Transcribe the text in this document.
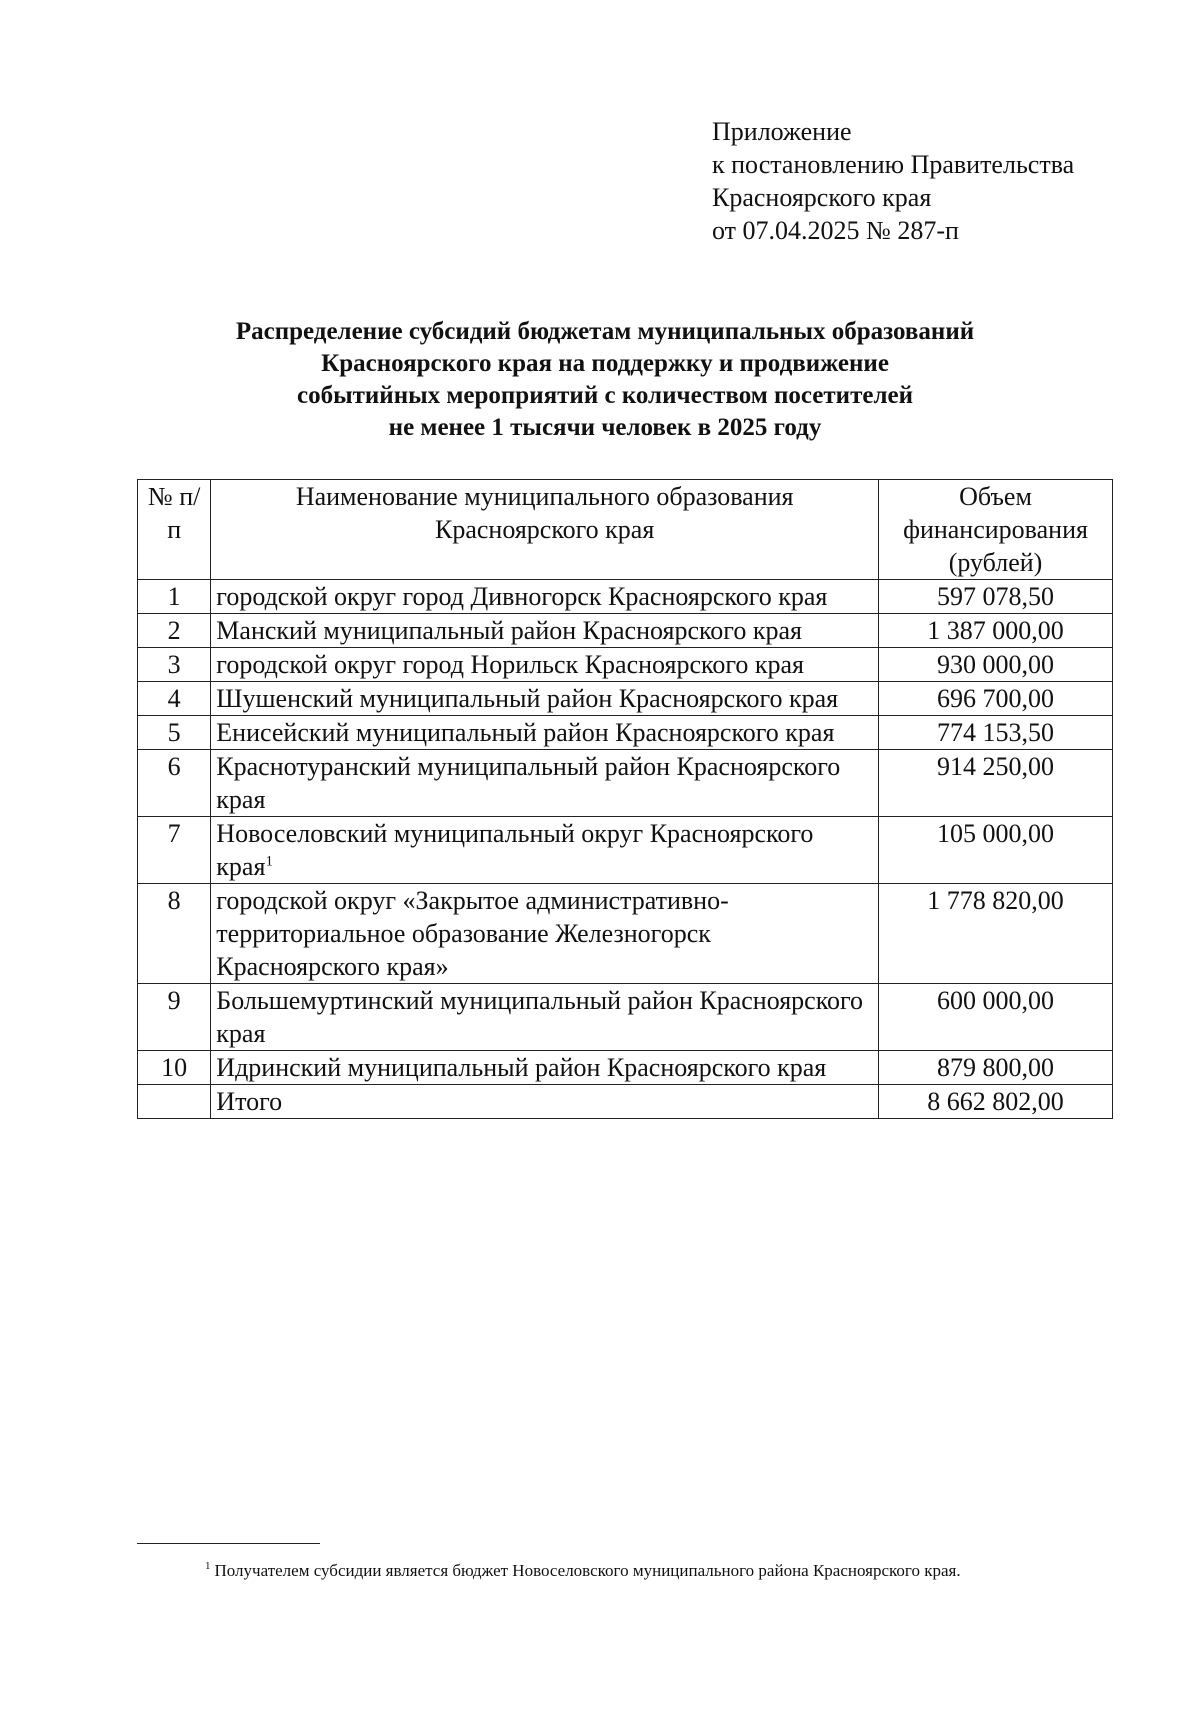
Приложение
к постановлению Правительства
Красноярского края
от 07.04.2025 № 287-п
Распределение субсидий бюджетам муниципальных образований
Красноярского края на поддержку и продвижение
событийных мероприятий с количеством посетителей
не менее 1 тысячи человек в 2025 году
№ п/п	Наименование муниципального образования Красноярского края	Объем финансирования (рублей)
1	городской округ город Дивногорск Красноярского края	597 078,50
2	Манский муниципальный район Красноярского края	1 387 000,00
3	городской округ город Норильск Красноярского края	930 000,00
4	Шушенский муниципальный район Красноярского края	696 700,00
5	Енисейский муниципальный район Красноярского края	774 153,50
6	Краснотуранский муниципальный район Красноярского края	914 250,00
7	Новоселовский муниципальный округ Красноярского края$^1$	105 000,00
8	городской округ «Закрытое административно-территориальное образование Железногорск Красноярского края»	1 778 820,00
9	Большемуртинский муниципальный район Красноярского края	600 000,00
10	Идринский муниципальный район Красноярского края	879 800,00
	Итого	8 662 802,00
$^1$ Получателем субсидии является бюджет Новоселовского муниципального района Красноярского края.
